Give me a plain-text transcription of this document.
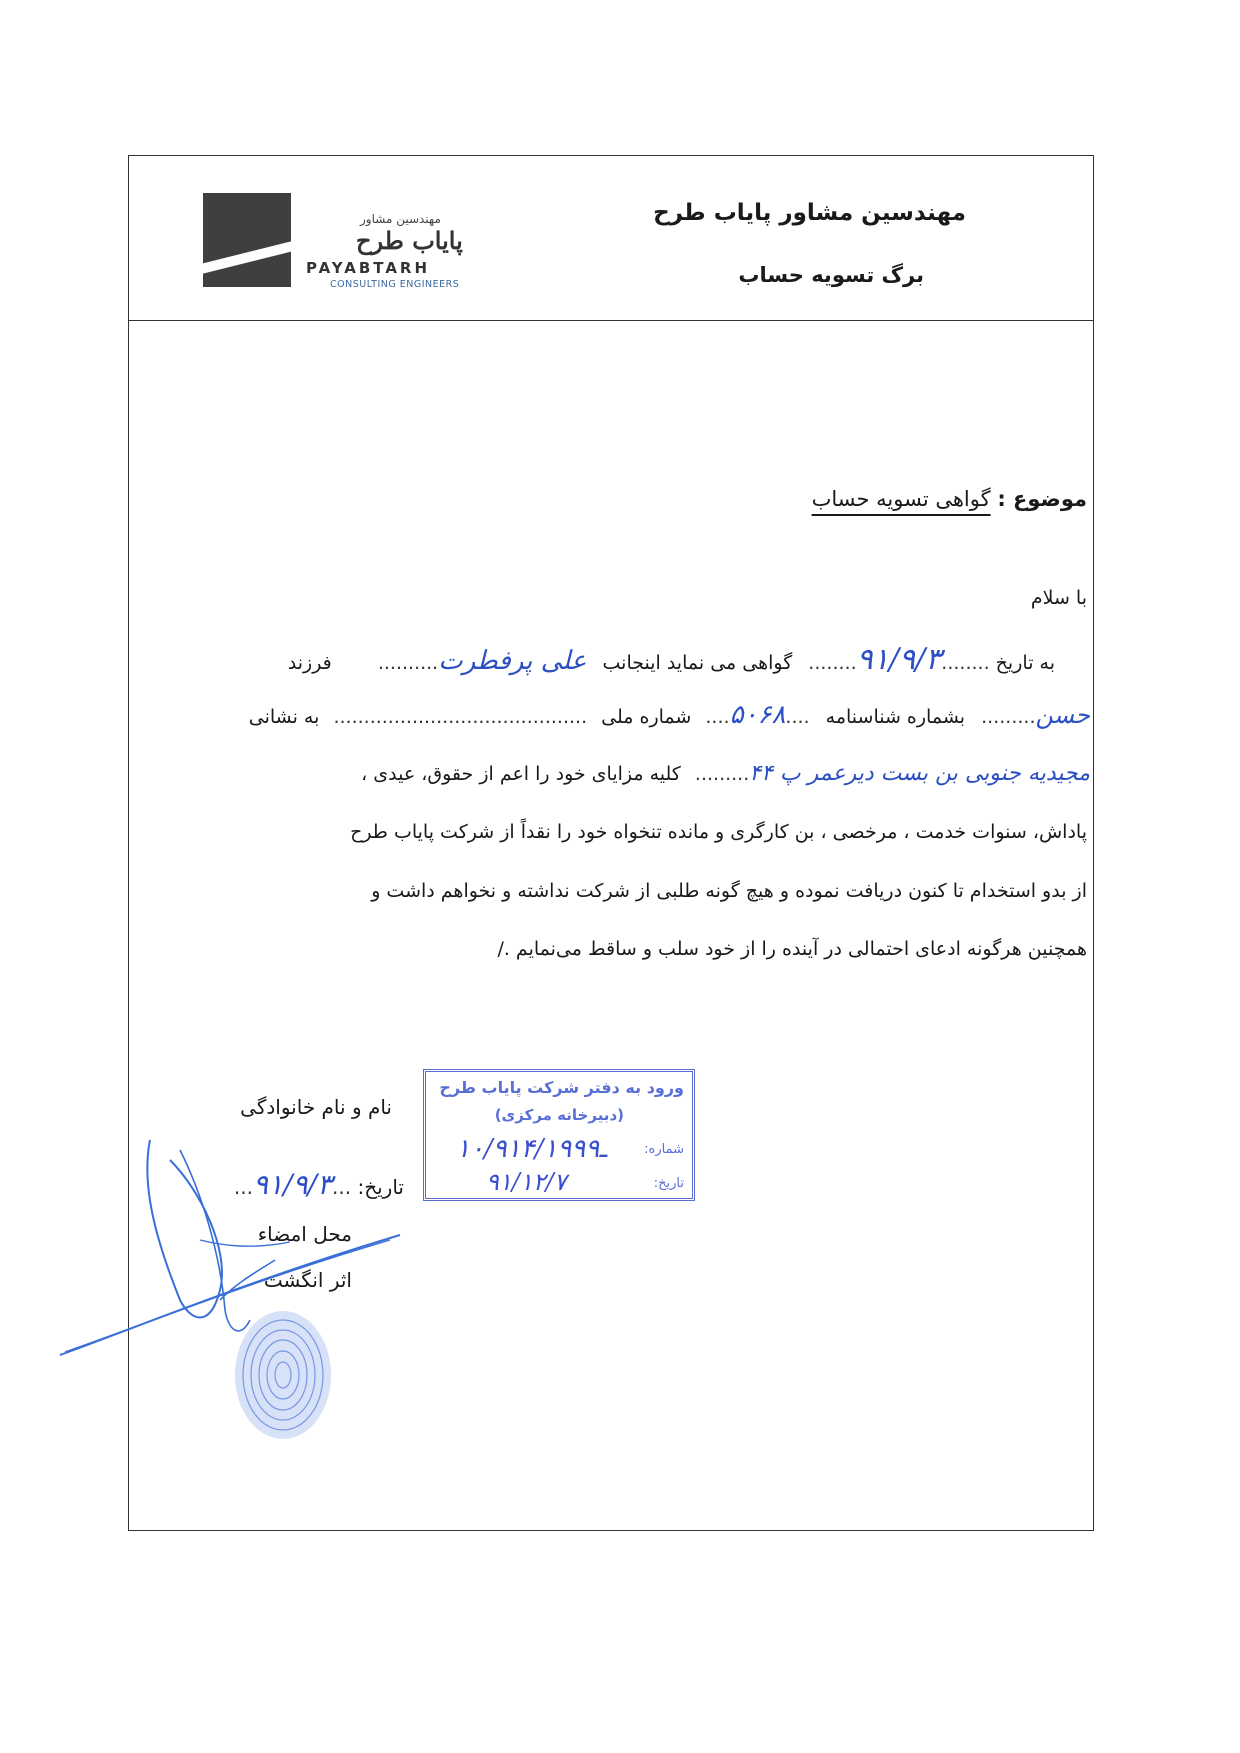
مهندسین مشاور
پایاب طرح
PAYABTARH
CONSULTING ENGINEERS
مهندسین مشاور پایاب طرح
برگ تسویه حساب
موضوع : گواهی تسویه حساب
با سلام
به تاریخ ........۹۱/۹/۳........ گواهی می نماید اینجانب علی پرفطرت.......... فرزند
حسن......... بشماره شناسنامه ....۵۰۶۸.... شماره ملی .......................................... به نشانی
مجیدیه جنوبی بن بست دیرعمر پ ۴۴......... کلیه مزایای خود را اعم از حقوق، عیدی ،
پاداش، سنوات خدمت ، مرخصی ، بن کارگری و مانده تنخواه خود را نقداً از شرکت پایاب طرح
از بدو استخدام تا کنون دریافت نموده و هیچ گونه طلبی از شرکت نداشته و نخواهم داشت و
همچنین هرگونه ادعای احتمالی در آینده را از خود سلب و ساقط می‌نمایم ./
نام و نام خانوادگی
تاریخ: ...۹۱/۹/۳...
محل امضاء
اثر انگشت
ورود به دفتر شرکت پایاب طرح
(دبیرخانه مرکزی)
شماره:
تاریخ:
۱۰/۹۱ـ۴/۱۹۹۹
۹۱/۱۲/۷
